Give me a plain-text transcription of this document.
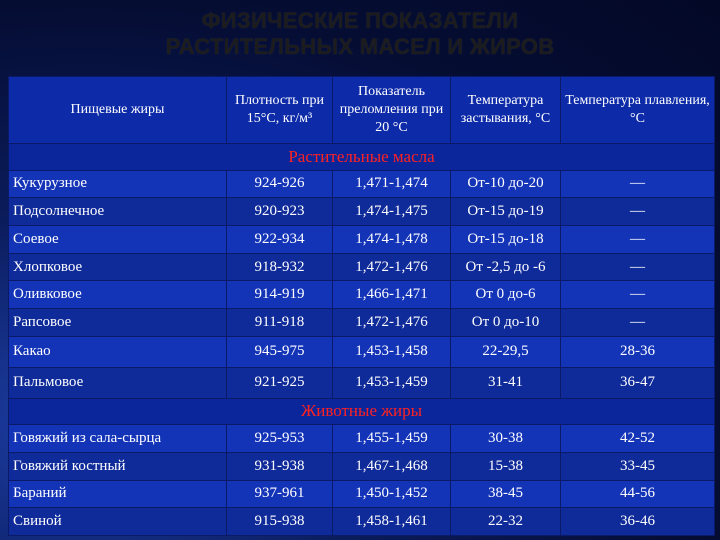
ФИЗИЧЕСКИЕ ПОКАЗАТЕЛИ
РАСТИТЕЛЬНЫХ МАСЕЛ И ЖИРОВ
Пищевые жиры	Плотность при 15°С, кг/м³	Показатель преломления при 20 °С	Температура застывания, °С	Температура плавления, °С
Растительные масла				
Кукурузное	924-926	1,471-1,474	От-10 до-20	—
Подсолнечное	920-923	1,474-1,475	От-15 до-19	—
Соевое	922-934	1,474-1,478	От-15 до-18	—
Хлопковое	918-932	1,472-1,476	От -2,5 до -6	—
Оливковое	914-919	1,466-1,471	От 0 до-6	—
Рапсовое	911-918	1,472-1,476	От 0 до-10	—
Какао	945-975	1,453-1,458	22-29,5	28-36
Пальмовое	921-925	1,453-1,459	31-41	36-47
Животные жиры				
Говяжий из сала-сырца	925-953	1,455-1,459	30-38	42-52
Говяжий костный	931-938	1,467-1,468	15-38	33-45
Бараний	937-961	1,450-1,452	38-45	44-56
Свиной	915-938	1,458-1,461	22-32	36-46
